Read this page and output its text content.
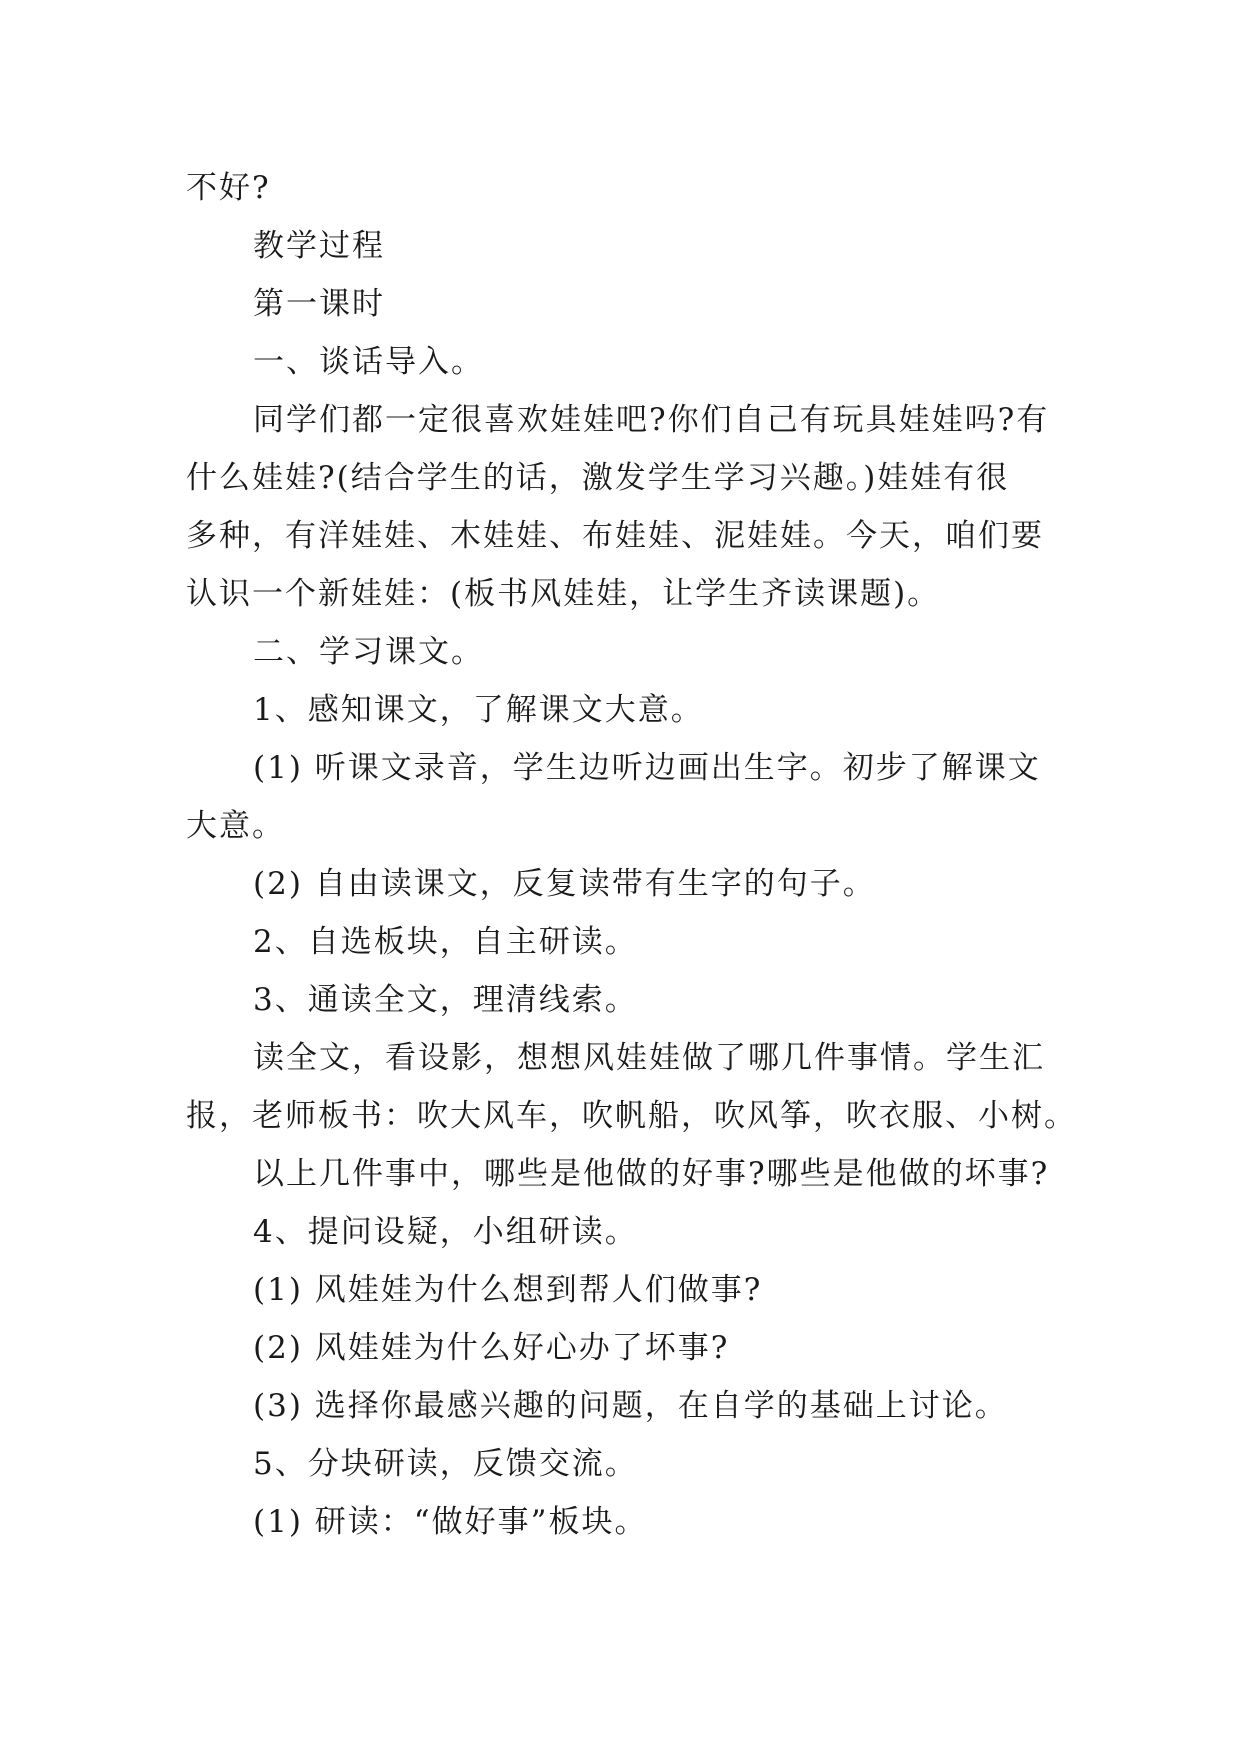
不好?
教学过程
第一课时
一、谈话导入。
同学们都一定很喜欢娃娃吧?你们自己有玩具娃娃吗?有
什么娃娃?(结合学生的话，激发学生学习兴趣。)娃娃有很
多种，有洋娃娃、木娃娃、布娃娃、泥娃娃。今天，咱们要
认识一个新娃娃：(板书风娃娃，让学生齐读课题)。
二、学习课文。
1、感知课文，了解课文大意。
(1) 听课文录音，学生边听边画出生字。初步了解课文
大意。
(2) 自由读课文，反复读带有生字的句子。
2、自选板块，自主研读。
3、通读全文，理清线索。
读全文，看设影，想想风娃娃做了哪几件事情。学生汇
报，老师板书：吹大风车，吹帆船，吹风筝，吹衣服、小树。
以上几件事中，哪些是他做的好事?哪些是他做的坏事?
4、提问设疑，小组研读。
(1) 风娃娃为什么想到帮人们做事?
(2) 风娃娃为什么好心办了坏事?
(3) 选择你最感兴趣的问题，在自学的基础上讨论。
5、分块研读，反馈交流。
(1) 研读：“做好事”板块。
